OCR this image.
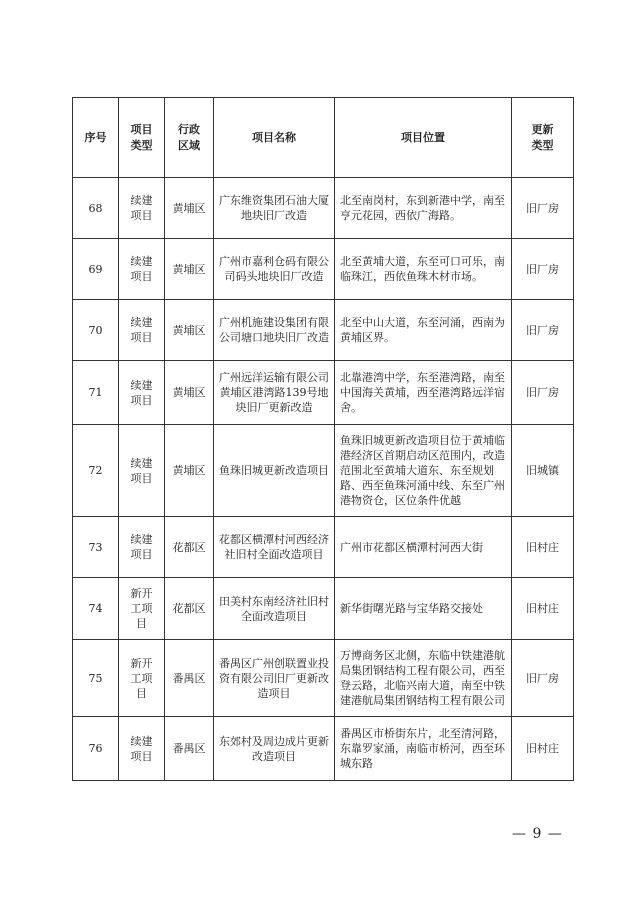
序号	项目类型	行政区域	项目名称	项目位置	更新类型
68	续建项目	黄埔区	广东维资集团石油大厦地块旧厂改造	北至南岗村，东到新港中学，南至亨元花园，西依广海路。	旧厂房
69	续建项目	黄埔区	广州市嘉利仓码有限公司码头地块旧厂改造	北至黄埔大道，东至可口可乐，南临珠江，西依鱼珠木材市场。	旧厂房
70	续建项目	黄埔区	广州机施建设集团有限公司塘口地块旧厂改造	北至中山大道，东至河涌，西南为黄埔区界。	旧厂房
71	续建项目	黄埔区	广州远洋运输有限公司黄埔区港湾路139号地块旧厂更新改造	北靠港湾中学，东至港湾路，南至中国海关黄埔，西至港湾路远洋宿舍。	旧厂房
72	续建项目	黄埔区	鱼珠旧城更新改造项目	鱼珠旧城更新改造项目位于黄埔临港经济区首期启动区范围内，改造范围北至黄埔大道东、东至规划路、西至鱼珠河涌中线、东至广州港物资仓，区位条件优越	旧城镇
73	续建项目	花都区	花都区横潭村河西经济社旧村全面改造项目	广州市花都区横潭村河西大街	旧村庄
74	新开工项目	花都区	田美村东南经济社旧村全面改造项目	新华街曙光路与宝华路交接处	旧村庄
75	新开工项目	番禺区	番禺区广州创联置业投资有限公司旧厂更新改造项目	万博商务区北侧，东临中铁建港航局集团钢结构工程有限公司，西至登云路，北临兴南大道，南至中铁建港航局集团钢结构工程有限公司	旧厂房
76	续建项目	番禺区	东郊村及周边成片更新改造项目	番禺区市桥街东片，北至清河路，东靠罗家涌，南临市桥河，西至环城东路	旧村庄
— 9 —
